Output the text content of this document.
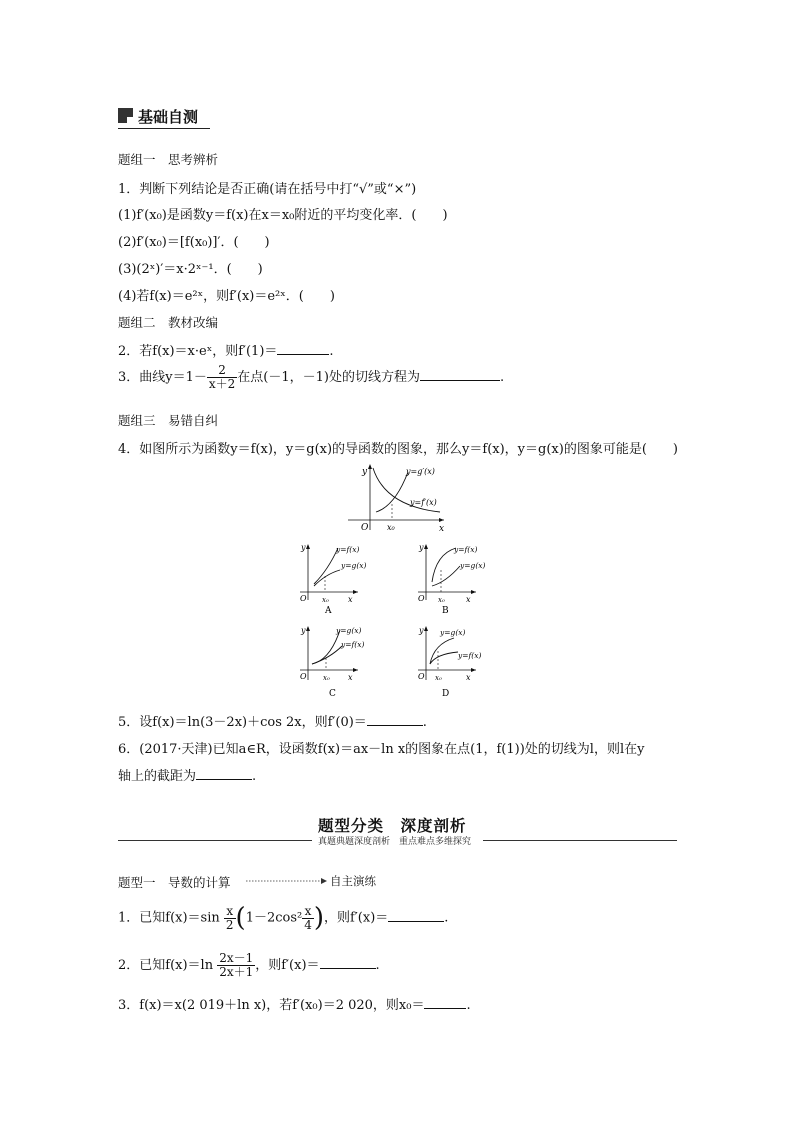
基础自测
题组一　思考辨析
1．判断下列结论是否正确(请在括号中打“√”或“×”)
(1)f′(x₀)是函数y＝f(x)在x＝x₀附近的平均变化率．(　　)
(2)f′(x₀)＝[f(x₀)]′．(　　)
(3)(2ˣ)′＝x·2ˣ⁻¹．(　　)
(4)若f(x)＝e²ˣ，则f′(x)＝e²ˣ．(　　)
题组二　教材改编
2．若f(x)＝x·eˣ，则f′(1)＝	.
3．曲线$y=1- \frac{2}{x+2}$ 在点(－1，－1)处的切线方程为	.
题组三　易错自纠
4．如图所示为函数y＝f(x)，y＝g(x)的导函数的图象，那么y＝f(x)，y＝g(x)的图象可能是(　　)
y
x
O x₀
y=g′(x)
y=f′(x)
y
x
O x₀
y=f(x)
y=g(x)
A
y
x
O x₀
y=f(x)
y=g(x)
B
y
x
O x₀
y=g(x)
y=f(x)
C
y
x
O x₀
y=g(x)
y=f(x)
D
5．设f(x)＝ln(3－2x)＋cos 2x，则f′(0)＝	.
6．(2017·天津)已知a∈R，设函数f(x)＝ax－ln x的图象在点(1，f(1))处的切线为l，则l在y
轴上的截距为	.
题型分类　深度剖析
真题典题深度剖析　重点难点多维探究
题型一　导数的计算	自主演练
1．已知$f(x)=\sin \frac{x}{2} (1-2\cos^2 \frac{x}{4}$ )，则f′(x)＝	.
2．已知$f(x)=\ln \frac{2x-1}{2x+1}$ ，则f′(x)＝	.
3．f(x)＝x(2 019＋ln x)，若f′(x₀)＝2 020，则x₀＝	.
